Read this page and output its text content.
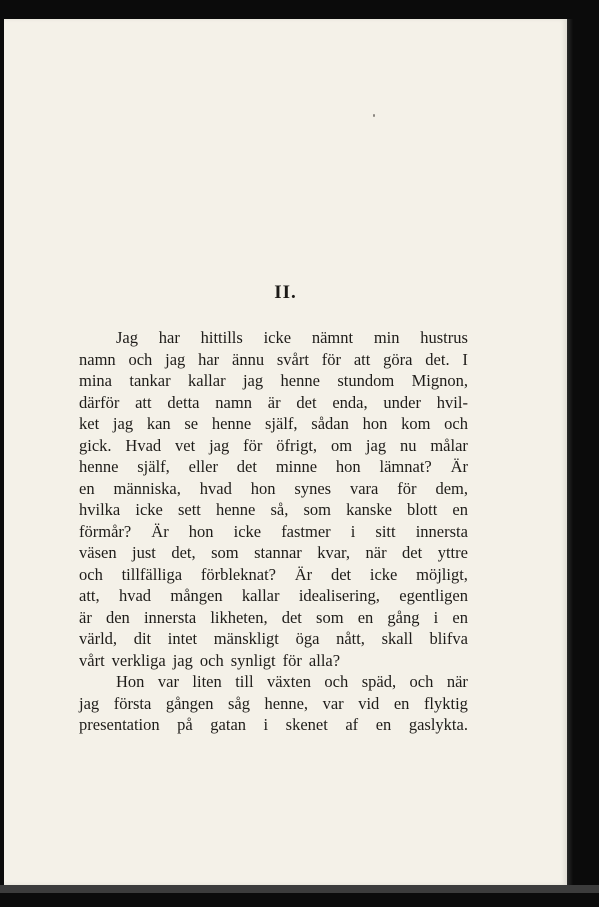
II.
Jag har hittills icke nämnt min hustrus
namn och jag har ännu svårt för att göra det. I
mina tankar kallar jag henne stundom Mignon,
därför att detta namn är det enda, under hvil-
ket jag kan se henne själf, sådan hon kom och
gick. Hvad vet jag för öfrigt, om jag nu målar
henne själf, eller det minne hon lämnat? Är
en människa, hvad hon synes vara för dem,
hvilka icke sett henne så, som kanske blott en
förmår? Är hon icke fastmer i sitt innersta
väsen just det, som stannar kvar, när det yttre
och tillfälliga förbleknat? Är det icke möjligt,
att, hvad mången kallar idealisering, egentligen
är den innersta likheten, det som en gång i en
värld, dit intet mänskligt öga nått, skall blifva
vårt verkliga jag och synligt för alla?
Hon var liten till växten och späd, och när
jag första gången såg henne, var vid en flyktig
presentation på gatan i skenet af en gaslykta.
